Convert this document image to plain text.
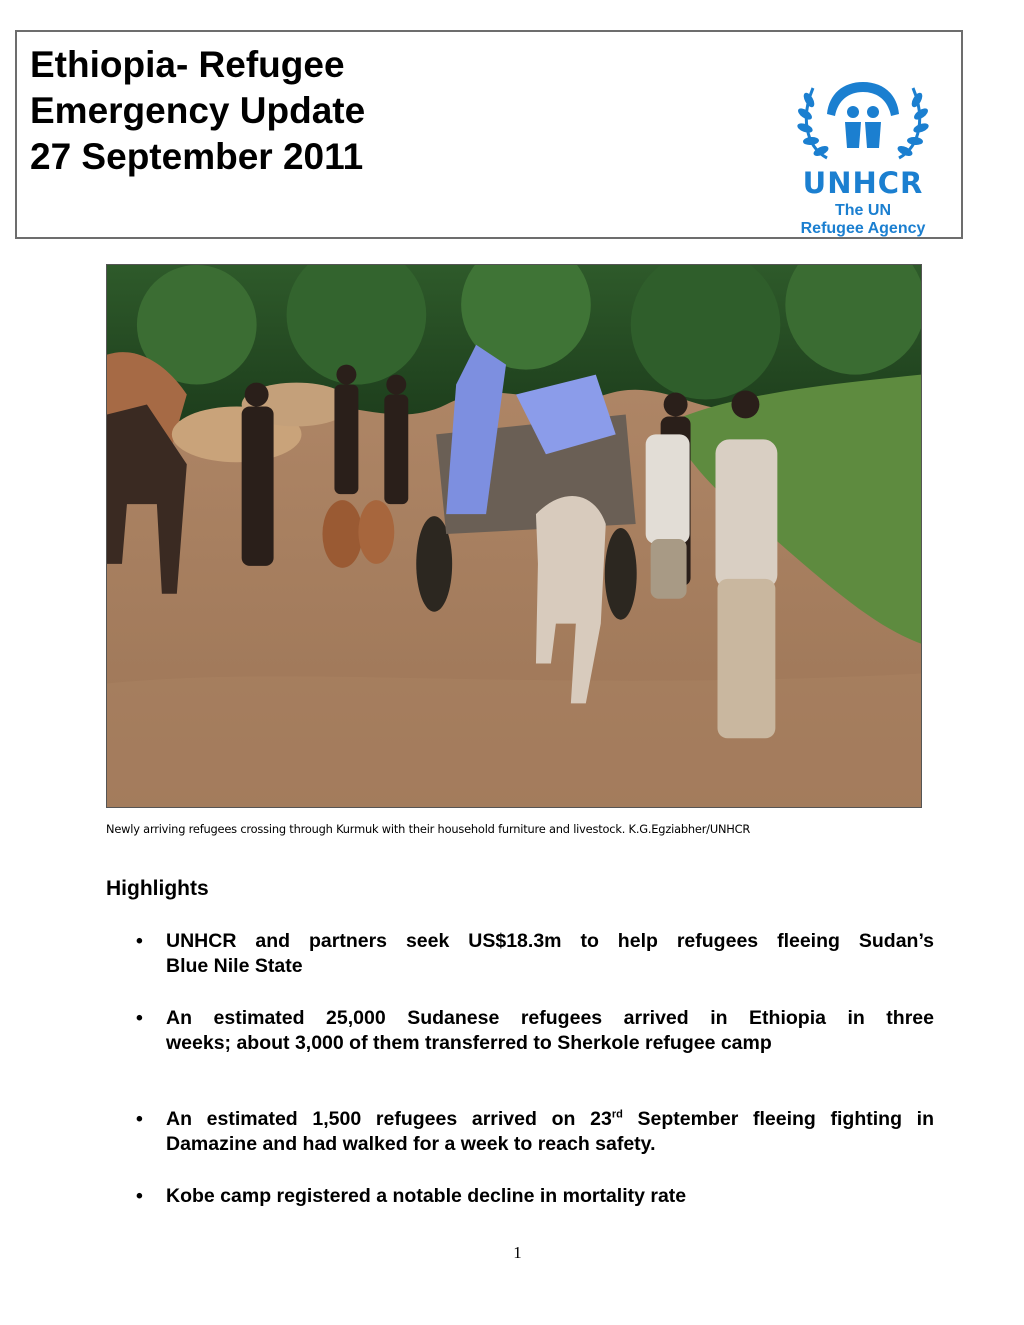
Ethiopia- Refugee
Emergency Update
27 September 2011
UNHCR
The UN
Refugee Agency
Newly arriving refugees crossing through Kurmuk with their household furniture and livestock. K.G.Egziabher/UNHCR
Highlights
•	UNHCR and partners seek US$18.3m to help refugees fleeing Sudan’s
Blue Nile State
•	An estimated 25,000 Sudanese refugees arrived in Ethiopia in three
weeks; about 3,000 of them transferred to Sherkole refugee camp
•	An estimated 1,500 refugees arrived on 23rd September fleeing fighting in
Damazine and had walked for a week to reach safety.
•	Kobe camp registered a notable decline in mortality rate
1
